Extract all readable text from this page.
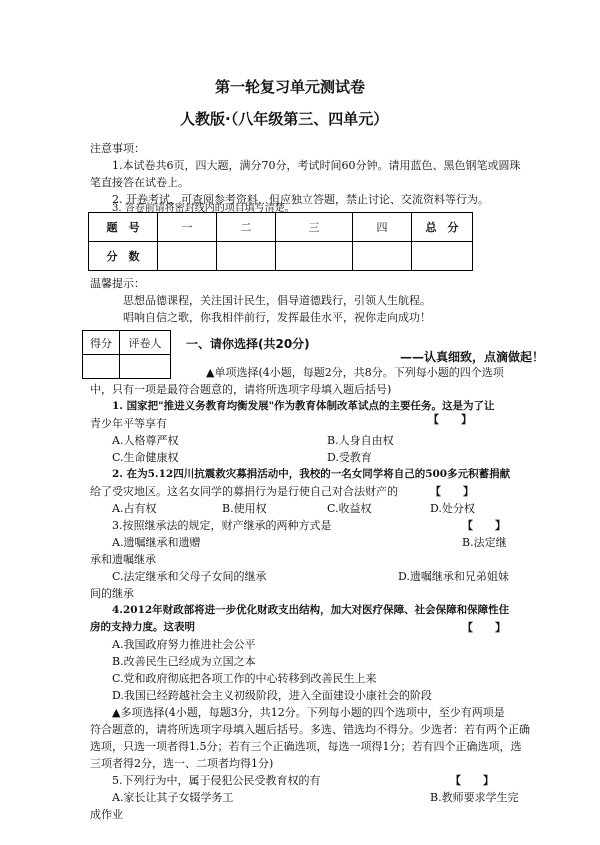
第一轮复习单元测试卷
人教版·（八年级第三、四单元）
注意事项：
1.本试卷共6页，四大题，满分70分，考试时间60分钟。请用蓝色、黑色钢笔或圆珠
笔直接答在试卷上。
2. 开卷考试，可查阅参考资料，但应独立答题，禁止讨论、交流资料等行为。
3. 答卷前请将密封线内的项目填写清楚。
题　号	一	二	三	四	总　分
分　数					
温馨提示：
思想品德课程，关注国计民生，倡导道德践行，引领人生航程。
唱响自信之歌，你我相伴前行，发挥最佳水平，祝你走向成功！
得分	评卷人
	一、请你选择(共20分)
——认真细致，点滴做起！
▲单项选择(4小题，每题2分，共8分。下列每小题的四个选项
中，只有一项是最符合题意的，请将所选项字母填入题后括号)
1. 国家把"推进义务教育均衡发展"作为教育体制改革试点的主要任务。这是为了让
青少年平等享有	【　　】
A.人格尊严权	B.人身自由权
C.生命健康权	D.受教育
2. 在为5.12四川抗震救灾募捐活动中，我校的一名女同学将自己的500多元积蓄捐献
给了受灾地区。这名女同学的募捐行为是行使自己对合法财产的	【　　】
A.占有权	B.使用权	C.收益权	D.处分权
3.按照继承法的规定，财产继承的两种方式是	【　　】
A.遗嘱继承和遗赠	B.法定继
承和遗嘱继承
C.法定继承和父母子女间的继承	D.遗嘱继承和兄弟姐妹
间的继承
4.2012年财政部将进一步优化财政支出结构，加大对医疗保障、社会保障和保障性住
房的支持力度。这表明	【　　】
A.我国政府努力推进社会公平
B.改善民生已经成为立国之本
C.党和政府彻底把各项工作的中心转移到改善民生上来
D.我国已经跨越社会主义初级阶段，进入全面建设小康社会的阶段
▲多项选择(4小题，每题3分，共12分。下列每小题的四个选项中，至少有两项是
符合题意的，请将所选项字母填入题后括号。多选、错选均不得分。少选者：若有两个正确
选项，只选一项者得1.5分；若有三个正确选项，每选一项得1分；若有四个正确选项，选
三项者得2分，选一、二项者均得1分)
5.下列行为中，属于侵犯公民受教育权的有	【　　】
A.家长让其子女辍学务工	B.教师要求学生完
成作业
